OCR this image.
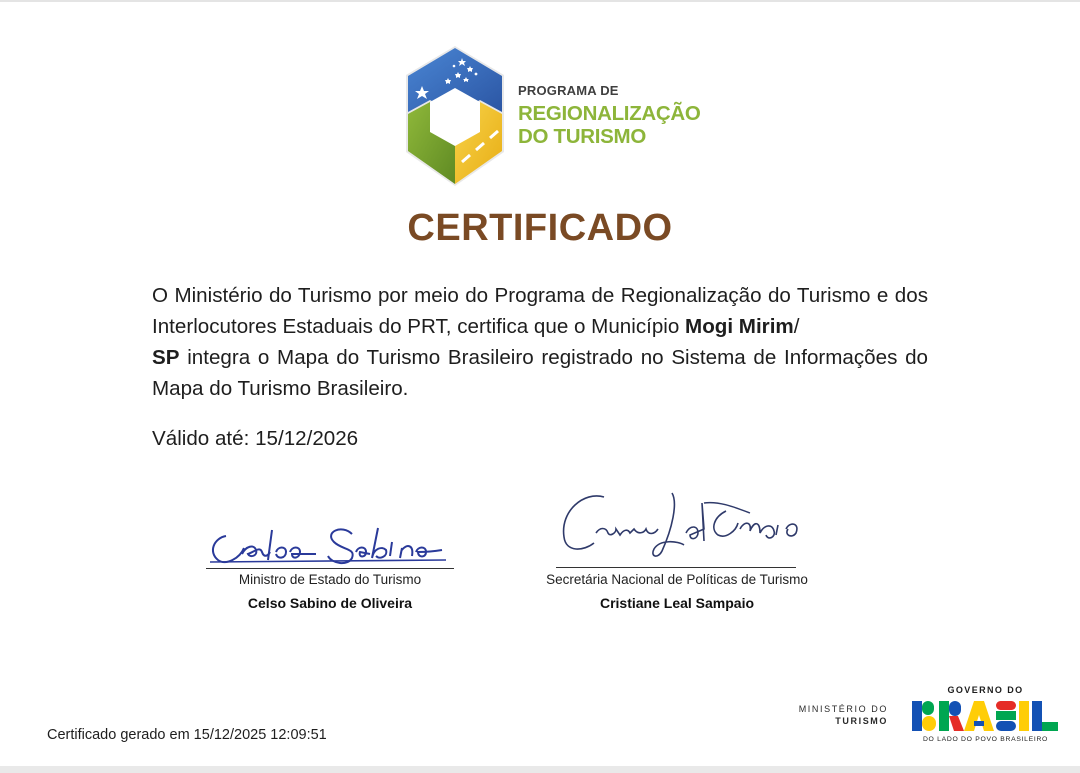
PROGRAMA DE
REGIONALIZAÇÃO
DO TURISMO
CERTIFICADO
O Ministério do Turismo por meio do Programa de Regionalização do Turismo e dos Interlocutores Estaduais do PRT, certifica que o Município Mogi Mirim/
SP integra o Mapa do Turismo Brasileiro registrado no Sistema de Informações do Mapa do Turismo Brasileiro.
Válido até: 15/12/2026
Ministro de Estado do Turismo
Celso Sabino de Oliveira
Secretária Nacional de Políticas de Turismo
Cristiane Leal Sampaio
Certificado gerado em 15/12/2025 12:09:51
MINISTÉRIO DO
TURISMO
GOVERNO DO
DO LADO DO POVO BRASILEIRO
